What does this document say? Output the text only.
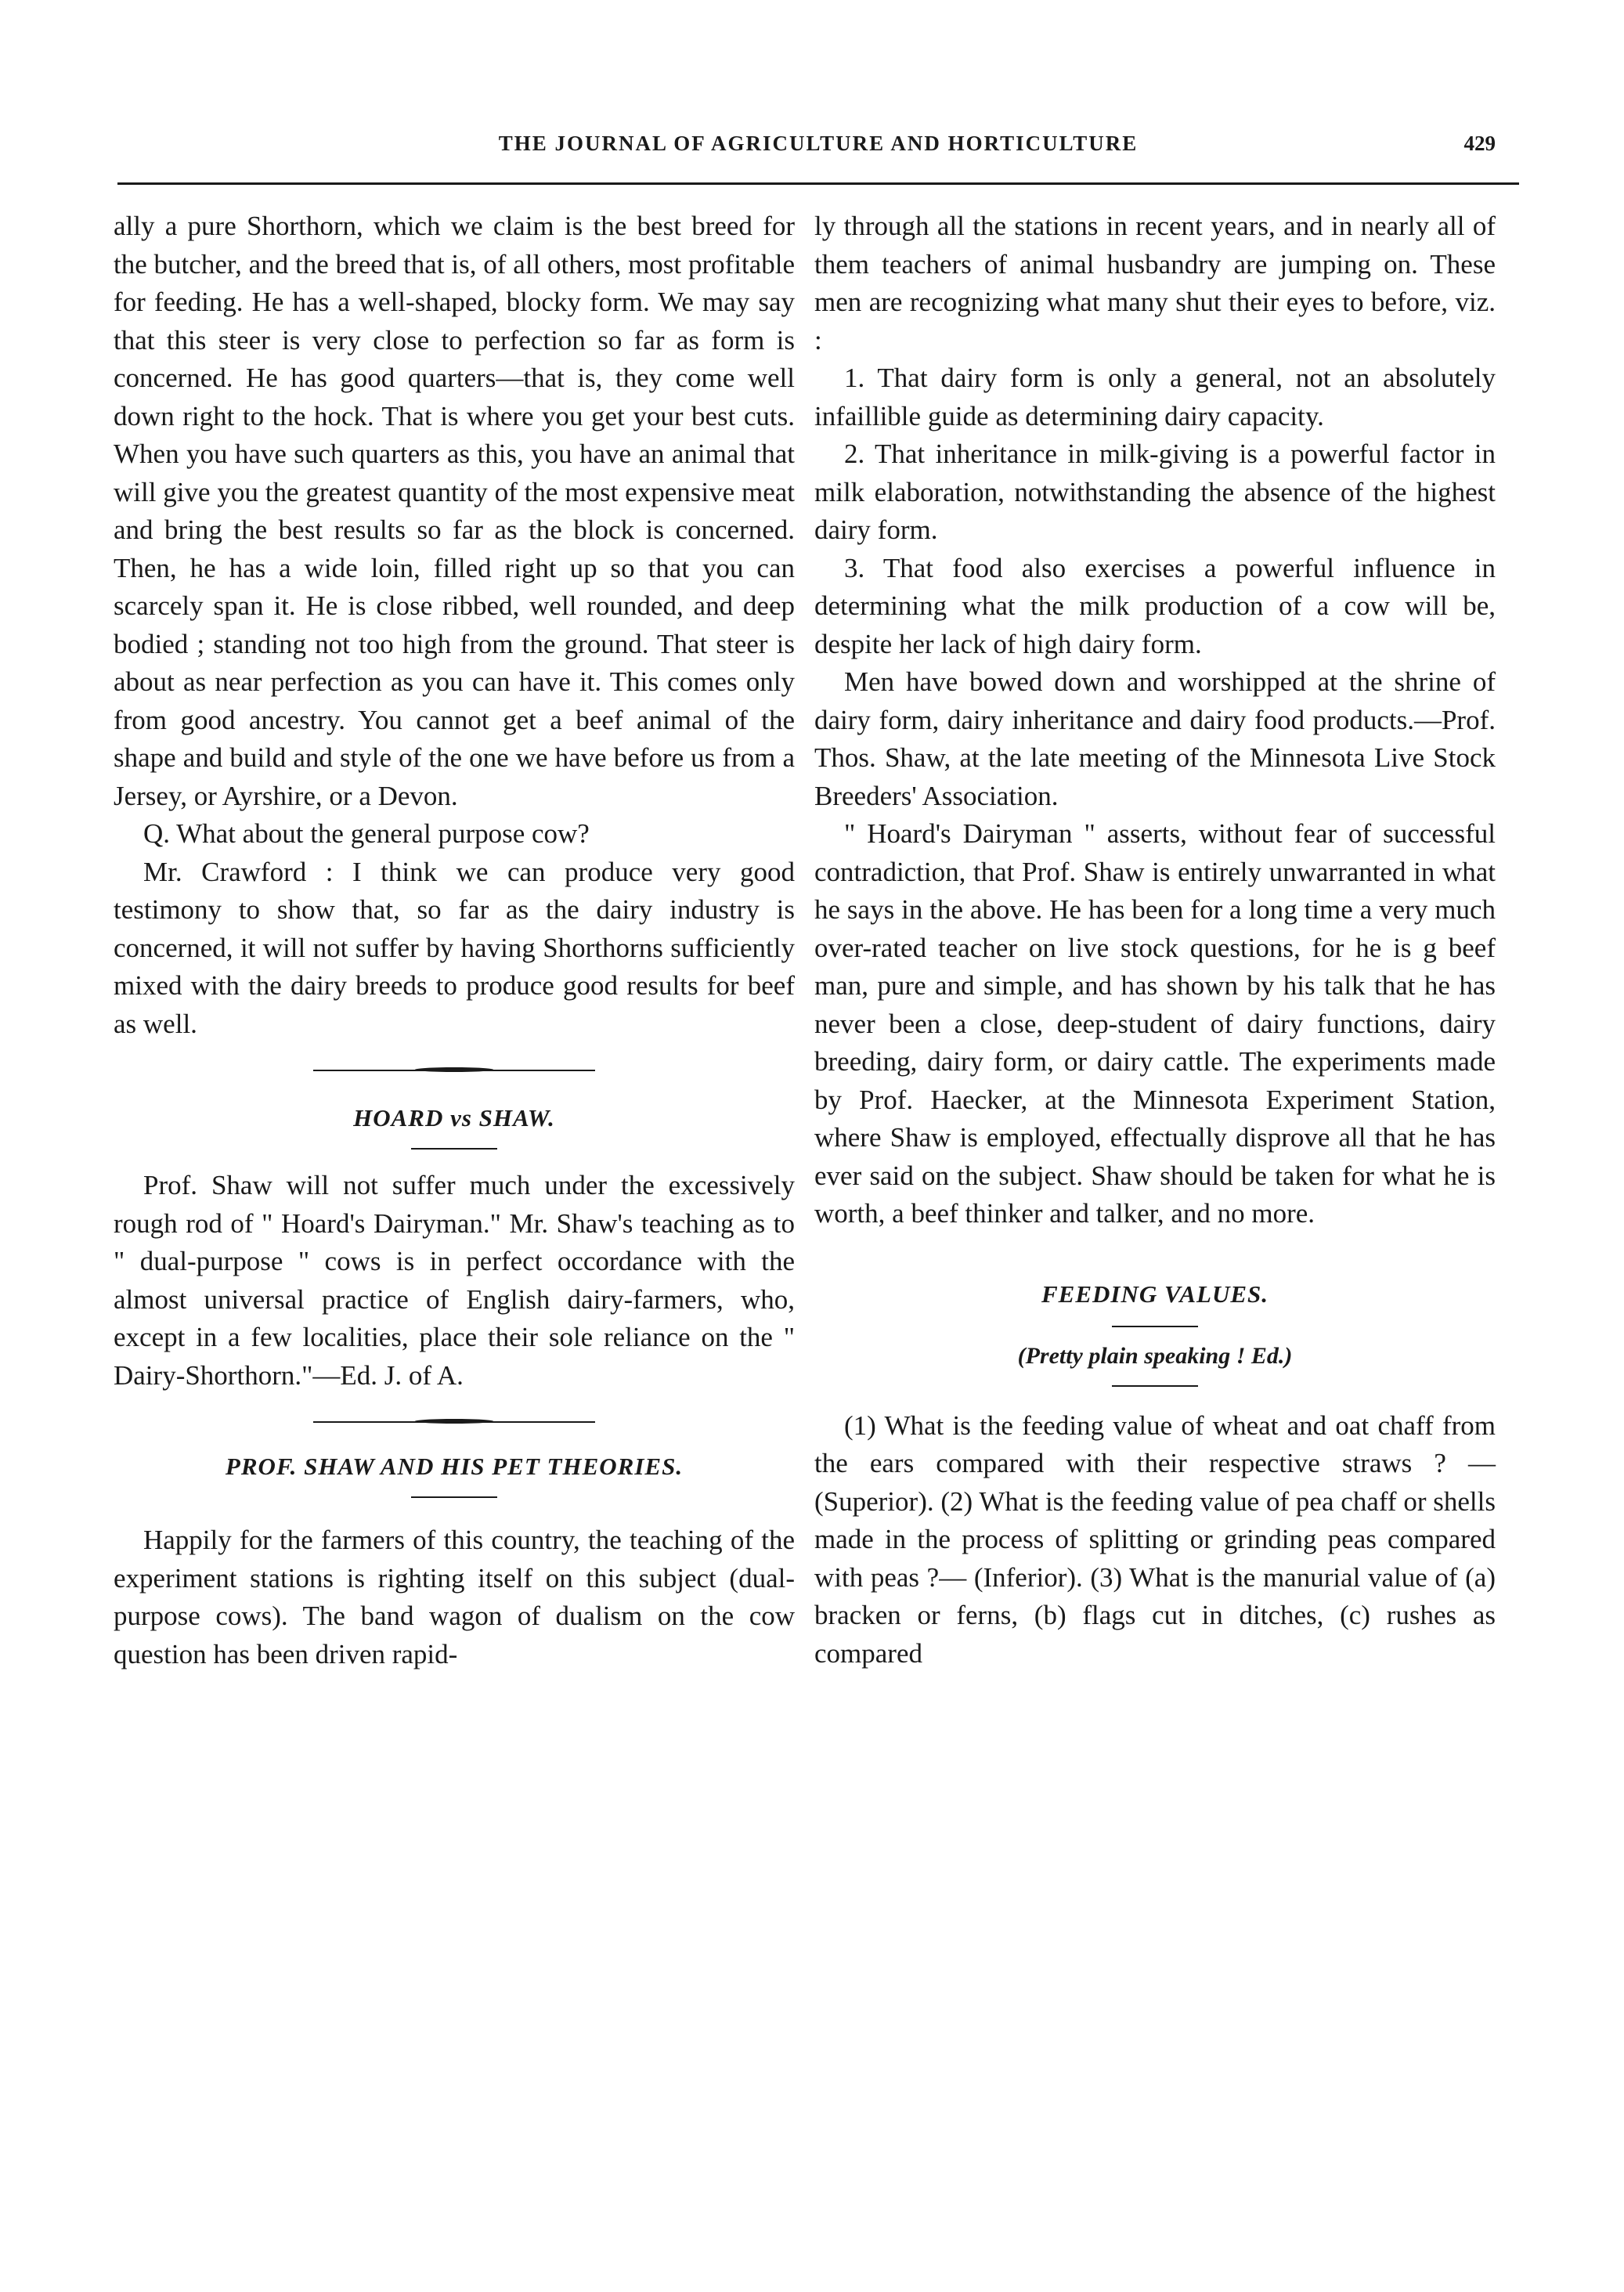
THE JOURNAL OF AGRICULTURE AND HORTICULTURE	429

ally a pure Shorthorn, which we claim is the best breed for the butcher, and the breed that is, of all others, most profitable for feeding. He has a well-shaped, blocky form. We may say that this steer is very close to perfection so far as form is concerned. He has good quarters—that is, they come well down right to the hock. That is where you get your best cuts. When you have such quarters as this, you have an animal that will give you the greatest quantity of the most expensive meat and bring the best results so far as the block is concerned. Then, he has a wide loin, filled right up so that you can scarcely span it. He is close ribbed, well rounded, and deep bodied ; standing not too high from the ground. That steer is about as near perfection as you can have it. This comes only from good ancestry. You cannot get a beef animal of the shape and build and style of the one we have before us from a Jersey, or Ayrshire, or a Devon.

Q. What about the general purpose cow?

Mr. Crawford : I think we can produce very good testimony to show that, so far as the dairy industry is concerned, it will not suffer by having Shorthorns sufficiently mixed with the dairy breeds to produce good results for beef as well.

HOARD vs SHAW.

Prof. Shaw will not suffer much under the excessively rough rod of " Hoard's Dairyman." Mr. Shaw's teaching as to " dual-purpose " cows is in perfect occordance with the almost universal practice of English dairy-farmers, who, except in a few localities, place their sole reliance on the " Dairy-Shorthorn."—Ed. J. of A.

PROF. SHAW AND HIS PET THEORIES.

Happily for the farmers of this country, the teaching of the experiment stations is righting itself on this subject (dual-purpose cows). The band wagon of dualism on the cow question has been driven rapid-

ly through all the stations in recent years, and in nearly all of them teachers of animal husbandry are jumping on. These men are recognizing what many shut their eyes to before, viz. :

1. That dairy form is only a general, not an absolutely infaillible guide as determining dairy capacity.

2. That inheritance in milk-giving is a powerful factor in milk elaboration, notwithstanding the absence of the highest dairy form.

3. That food also exercises a powerful influence in determining what the milk production of a cow will be, despite her lack of high dairy form.

Men have bowed down and worshipped at the shrine of dairy form, dairy inheritance and dairy food products.—Prof. Thos. Shaw, at the late meeting of the Minnesota Live Stock Breeders' Association.

" Hoard's Dairyman " asserts, without fear of successful contradiction, that Prof. Shaw is entirely unwarranted in what he says in the above. He has been for a long time a very much over-rated teacher on live stock questions, for he is g beef man, pure and simple, and has shown by his talk that he has never been a close, deep-student of dairy functions, dairy breeding, dairy form, or dairy cattle. The experiments made by Prof. Haecker, at the Minnesota Experiment Station, where Shaw is employed, effectually disprove all that he has ever said on the subject. Shaw should be taken for what he is worth, a beef thinker and talker, and no more.

FEEDING VALUES.

(Pretty plain speaking ! Ed.)

(1) What is the feeding value of wheat and oat chaff from the ears compared with their respective straws ? — (Superior). (2) What is the feeding value of pea chaff or shells made in the process of splitting or grinding peas compared with peas ?— (Inferior). (3) What is the manurial value of (a) bracken or ferns, (b) flags cut in ditches, (c) rushes as compared
